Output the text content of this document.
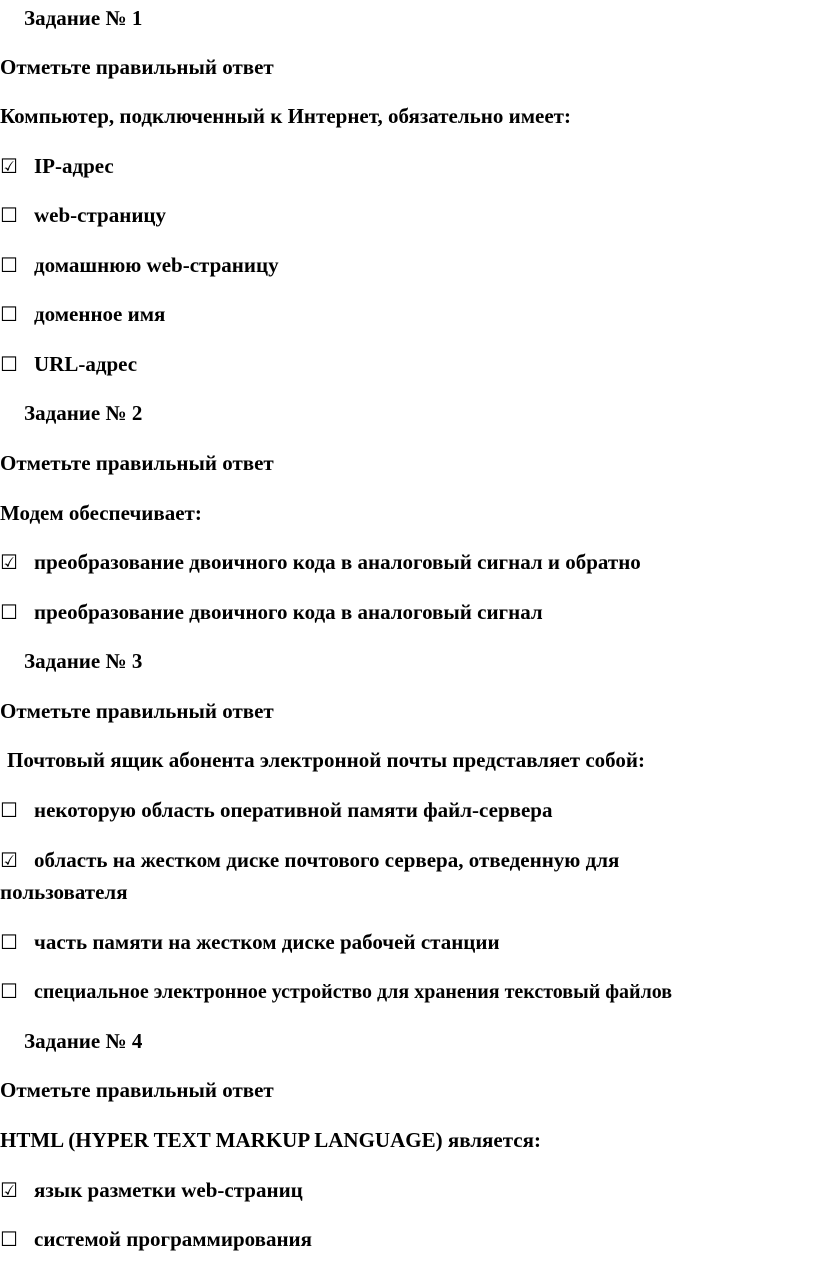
Задание № 1
Отметьте правильный ответ
Компьютер, подключенный к Интернет, обязательно имеет:
☑ IP-адрес
☐ web-страницу
☐ домашнюю web-страницу
☐ доменное имя
☐ URL-адрес
Задание № 2
Отметьте правильный ответ
Модем обеспечивает:
☑ преобразование двоичного кода в аналоговый сигнал и обратно
☐ преобразование двоичного кода в аналоговый сигнал
Задание № 3
Отметьте правильный ответ
Почтовый ящик абонента электронной почты представляет собой:
☐ некоторую область оперативной памяти файл-сервера
☑ область на жестком диске почтового сервера, отведенную для
пользователя
☐ часть памяти на жестком диске рабочей станции
☐ специальное электронное устройство для хранения текстовый файлов
Задание № 4
Отметьте правильный ответ
HTML (HYPER TEXT MARKUP LANGUAGE) является:
☑ язык разметки web-страниц
☐ системой программирования
